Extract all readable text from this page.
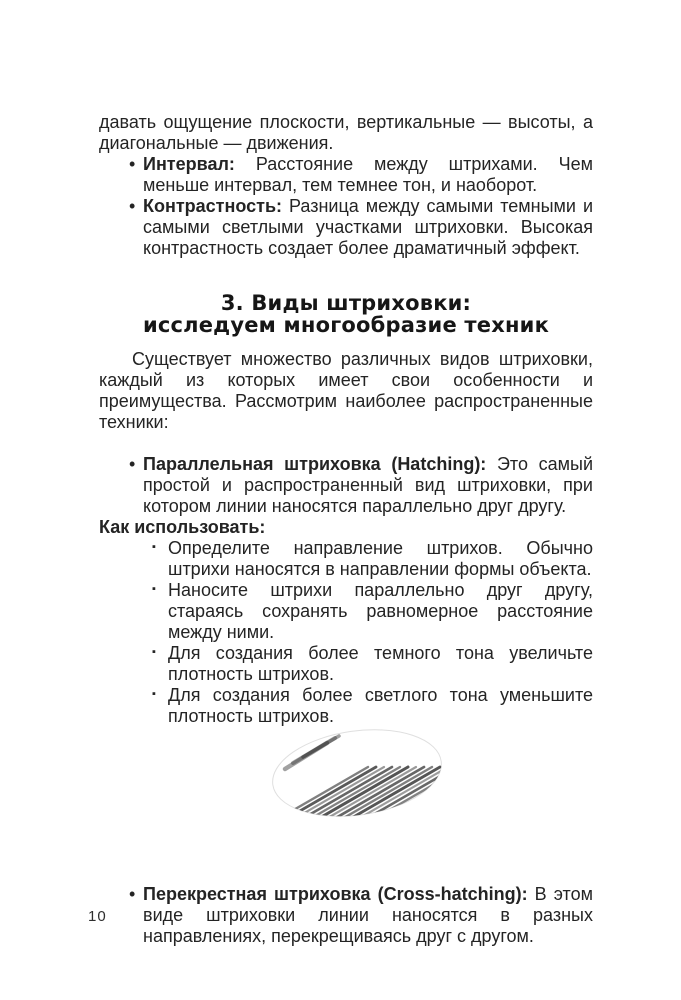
давать ощущение плоскости, вертикальные — высоты, а диагональные — движения.

• Интервал: Расстояние между штрихами. Чем меньше интервал, тем темнее тон, и наоборот.
• Контрастность: Разница между самыми темными и самыми светлыми участками штриховки. Высокая контрастность создает более драматичный эффект.
3. Виды штриховки:
исследуем многообразие техник

Существует множество различных видов штриховки, каждый из которых имеет свои особенности и преимущества. Рассмотрим наиболее распространенные техники:

• Параллельная штриховка (Hatching): Это самый простой и распространенный вид штриховки, при котором линии наносятся параллельно друг другу.

Как использовать:

▪ Определите направление штрихов. Обычно штрихи наносятся в направлении формы объекта.
▪ Наносите штрихи параллельно друг другу, стараясь сохранять равномерное расстояние между ними.
▪ Для создания более темного тона увеличьте плотность штрихов.
▪ Для создания более светлого тона уменьшите плотность штрихов.
• Перекрестная штриховка (Cross-hatching): В этом виде штриховки линии наносятся в разных направлениях, перекрещиваясь друг с другом.
10
